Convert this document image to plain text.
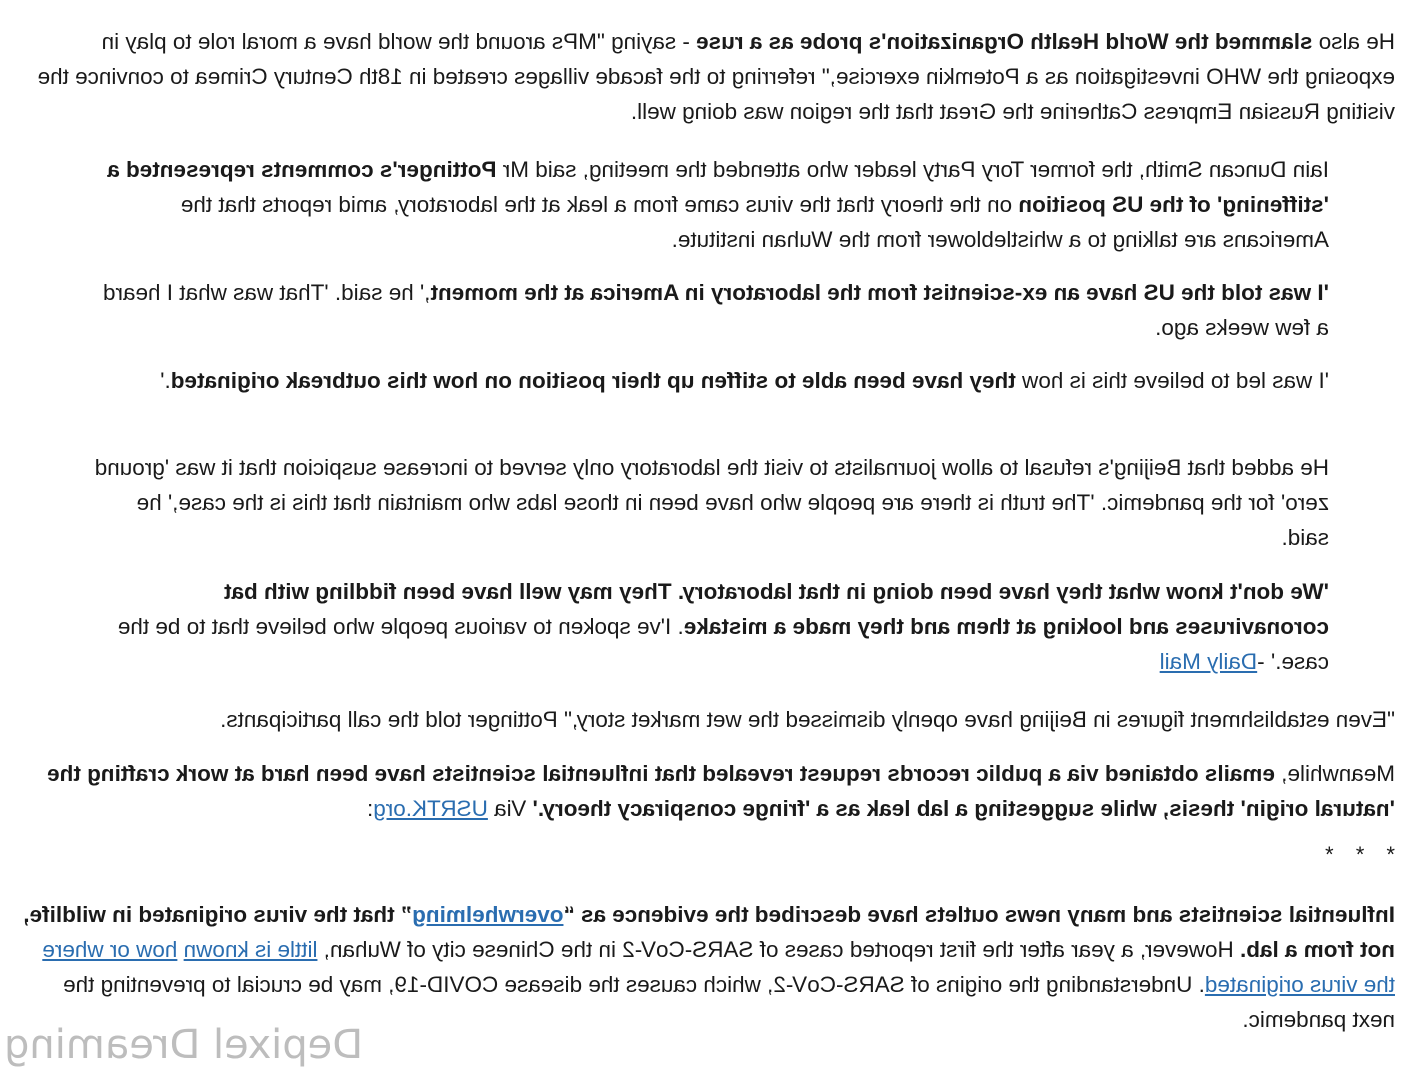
He also slammed the World Health Organization's probe as a ruse - saying "MPs around the world have a moral role to play in exposing the WHO investigation as a Potemkin exercise," referring to the facade villages created in 18th Century Crimea to convince the visiting Russian Empress Catherine the Great that the region was doing well.

Iain Duncan Smith, the former Tory Party leader who attended the meeting, said Mr Pottinger's comments represented a 'stiffening' of the US position on the theory that the virus came from a leak at the laboratory, amid reports that the Americans are talking to a whistleblower from the Wuhan institute.

'I was told the US have an ex-scientist from the laboratory in America at the moment,' he said. 'That was what I heard a few weeks ago.

'I was led to believe this is how they have been able to stiffen up their position on how this outbreak originated.'

He added that Beijing's refusal to allow journalists to visit the laboratory only served to increase suspicion that it was 'ground zero' for the pandemic. 'The truth is there are people who have been in those labs who maintain that this is the case,' he said.

'We don't know what they have been doing in that laboratory. They may well have been fiddling with bat coronaviruses and looking at them and they made a mistake. I've spoken to various people who believe that to be the case.' -Daily Mail

"Even establishment figures in Beijing have openly dismissed the wet market story," Pottinger told the call participants.

Meanwhile, emails obtained via a public records request revealed that influential scientists have been hard at work crafting the 'natural origin' thesis, while suggesting a lab leak as a 'fringe conspiracy theory.' Via USRTK.org:

* * *

Influential scientists and many news outlets have described the evidence as “overwhelming” that the virus originated in wildlife, not from a lab. However, a year after the first reported cases of SARS-CoV-2 in the Chinese city of Wuhan, little is known how or where the virus originated. Understanding the origins of SARS-CoV-2, which causes the disease COVID-19, may be crucial to preventing the next pandemic.

Depixel Dreaming
